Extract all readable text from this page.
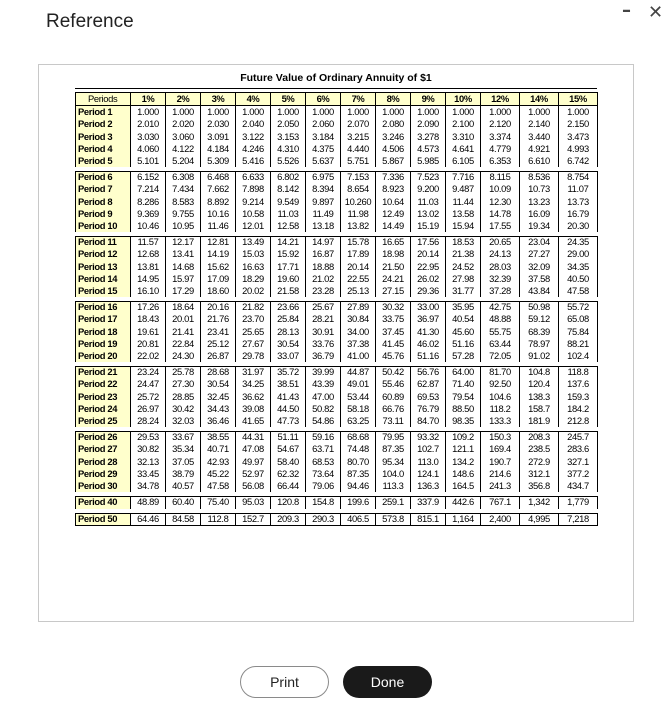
Reference
– ✕
Future Value of Ordinary Annuity of $1
Periods	1%	2%	3%	4%	5%	6%	7%	8%	9%	10%	12%	14%	15%
Period 1	1.000	1.000	1.000	1.000	1.000	1.000	1.000	1.000	1.000	1.000	1.000	1.000	1.000
Period 2	2.010	2.020	2.030	2.040	2.050	2.060	2.070	2.080	2.090	2.100	2.120	2.140	2.150
Period 3	3.030	3.060	3.091	3.122	3.153	3.184	3.215	3.246	3.278	3.310	3.374	3.440	3.473
Period 4	4.060	4.122	4.184	4.246	4.310	4.375	4.440	4.506	4.573	4.641	4.779	4.921	4.993
Period 5	5.101	5.204	5.309	5.416	5.526	5.637	5.751	5.867	5.985	6.105	6.353	6.610	6.742
Period 6	6.152	6.308	6.468	6.633	6.802	6.975	7.153	7.336	7.523	7.716	8.115	8.536	8.754
Period 7	7.214	7.434	7.662	7.898	8.142	8.394	8.654	8.923	9.200	9.487	10.09	10.73	11.07
Period 8	8.286	8.583	8.892	9.214	9.549	9.897	10.260	10.64	11.03	11.44	12.30	13.23	13.73
Period 9	9.369	9.755	10.16	10.58	11.03	11.49	11.98	12.49	13.02	13.58	14.78	16.09	16.79
Period 10	10.46	10.95	11.46	12.01	12.58	13.18	13.82	14.49	15.19	15.94	17.55	19.34	20.30
Period 11	11.57	12.17	12.81	13.49	14.21	14.97	15.78	16.65	17.56	18.53	20.65	23.04	24.35
Period 12	12.68	13.41	14.19	15.03	15.92	16.87	17.89	18.98	20.14	21.38	24.13	27.27	29.00
Period 13	13.81	14.68	15.62	16.63	17.71	18.88	20.14	21.50	22.95	24.52	28.03	32.09	34.35
Period 14	14.95	15.97	17.09	18.29	19.60	21.02	22.55	24.21	26.02	27.98	32.39	37.58	40.50
Period 15	16.10	17.29	18.60	20.02	21.58	23.28	25.13	27.15	29.36	31.77	37.28	43.84	47.58
Period 16	17.26	18.64	20.16	21.82	23.66	25.67	27.89	30.32	33.00	35.95	42.75	50.98	55.72
Period 17	18.43	20.01	21.76	23.70	25.84	28.21	30.84	33.75	36.97	40.54	48.88	59.12	65.08
Period 18	19.61	21.41	23.41	25.65	28.13	30.91	34.00	37.45	41.30	45.60	55.75	68.39	75.84
Period 19	20.81	22.84	25.12	27.67	30.54	33.76	37.38	41.45	46.02	51.16	63.44	78.97	88.21
Period 20	22.02	24.30	26.87	29.78	33.07	36.79	41.00	45.76	51.16	57.28	72.05	91.02	102.4
Period 21	23.24	25.78	28.68	31.97	35.72	39.99	44.87	50.42	56.76	64.00	81.70	104.8	118.8
Period 22	24.47	27.30	30.54	34.25	38.51	43.39	49.01	55.46	62.87	71.40	92.50	120.4	137.6
Period 23	25.72	28.85	32.45	36.62	41.43	47.00	53.44	60.89	69.53	79.54	104.6	138.3	159.3
Period 24	26.97	30.42	34.43	39.08	44.50	50.82	58.18	66.76	76.79	88.50	118.2	158.7	184.2
Period 25	28.24	32.03	36.46	41.65	47.73	54.86	63.25	73.11	84.70	98.35	133.3	181.9	212.8
Period 26	29.53	33.67	38.55	44.31	51.11	59.16	68.68	79.95	93.32	109.2	150.3	208.3	245.7
Period 27	30.82	35.34	40.71	47.08	54.67	63.71	74.48	87.35	102.7	121.1	169.4	238.5	283.6
Period 28	32.13	37.05	42.93	49.97	58.40	68.53	80.70	95.34	113.0	134.2	190.7	272.9	327.1
Period 29	33.45	38.79	45.22	52.97	62.32	73.64	87.35	104.0	124.1	148.6	214.6	312.1	377.2
Period 30	34.78	40.57	47.58	56.08	66.44	79.06	94.46	113.3	136.3	164.5	241.3	356.8	434.7
Period 40	48.89	60.40	75.40	95.03	120.8	154.8	199.6	259.1	337.9	442.6	767.1	1,342	1,779
Period 50	64.46	84.58	112.8	152.7	209.3	290.3	406.5	573.8	815.1	1,164	2,400	4,995	7,218
Print	Done
